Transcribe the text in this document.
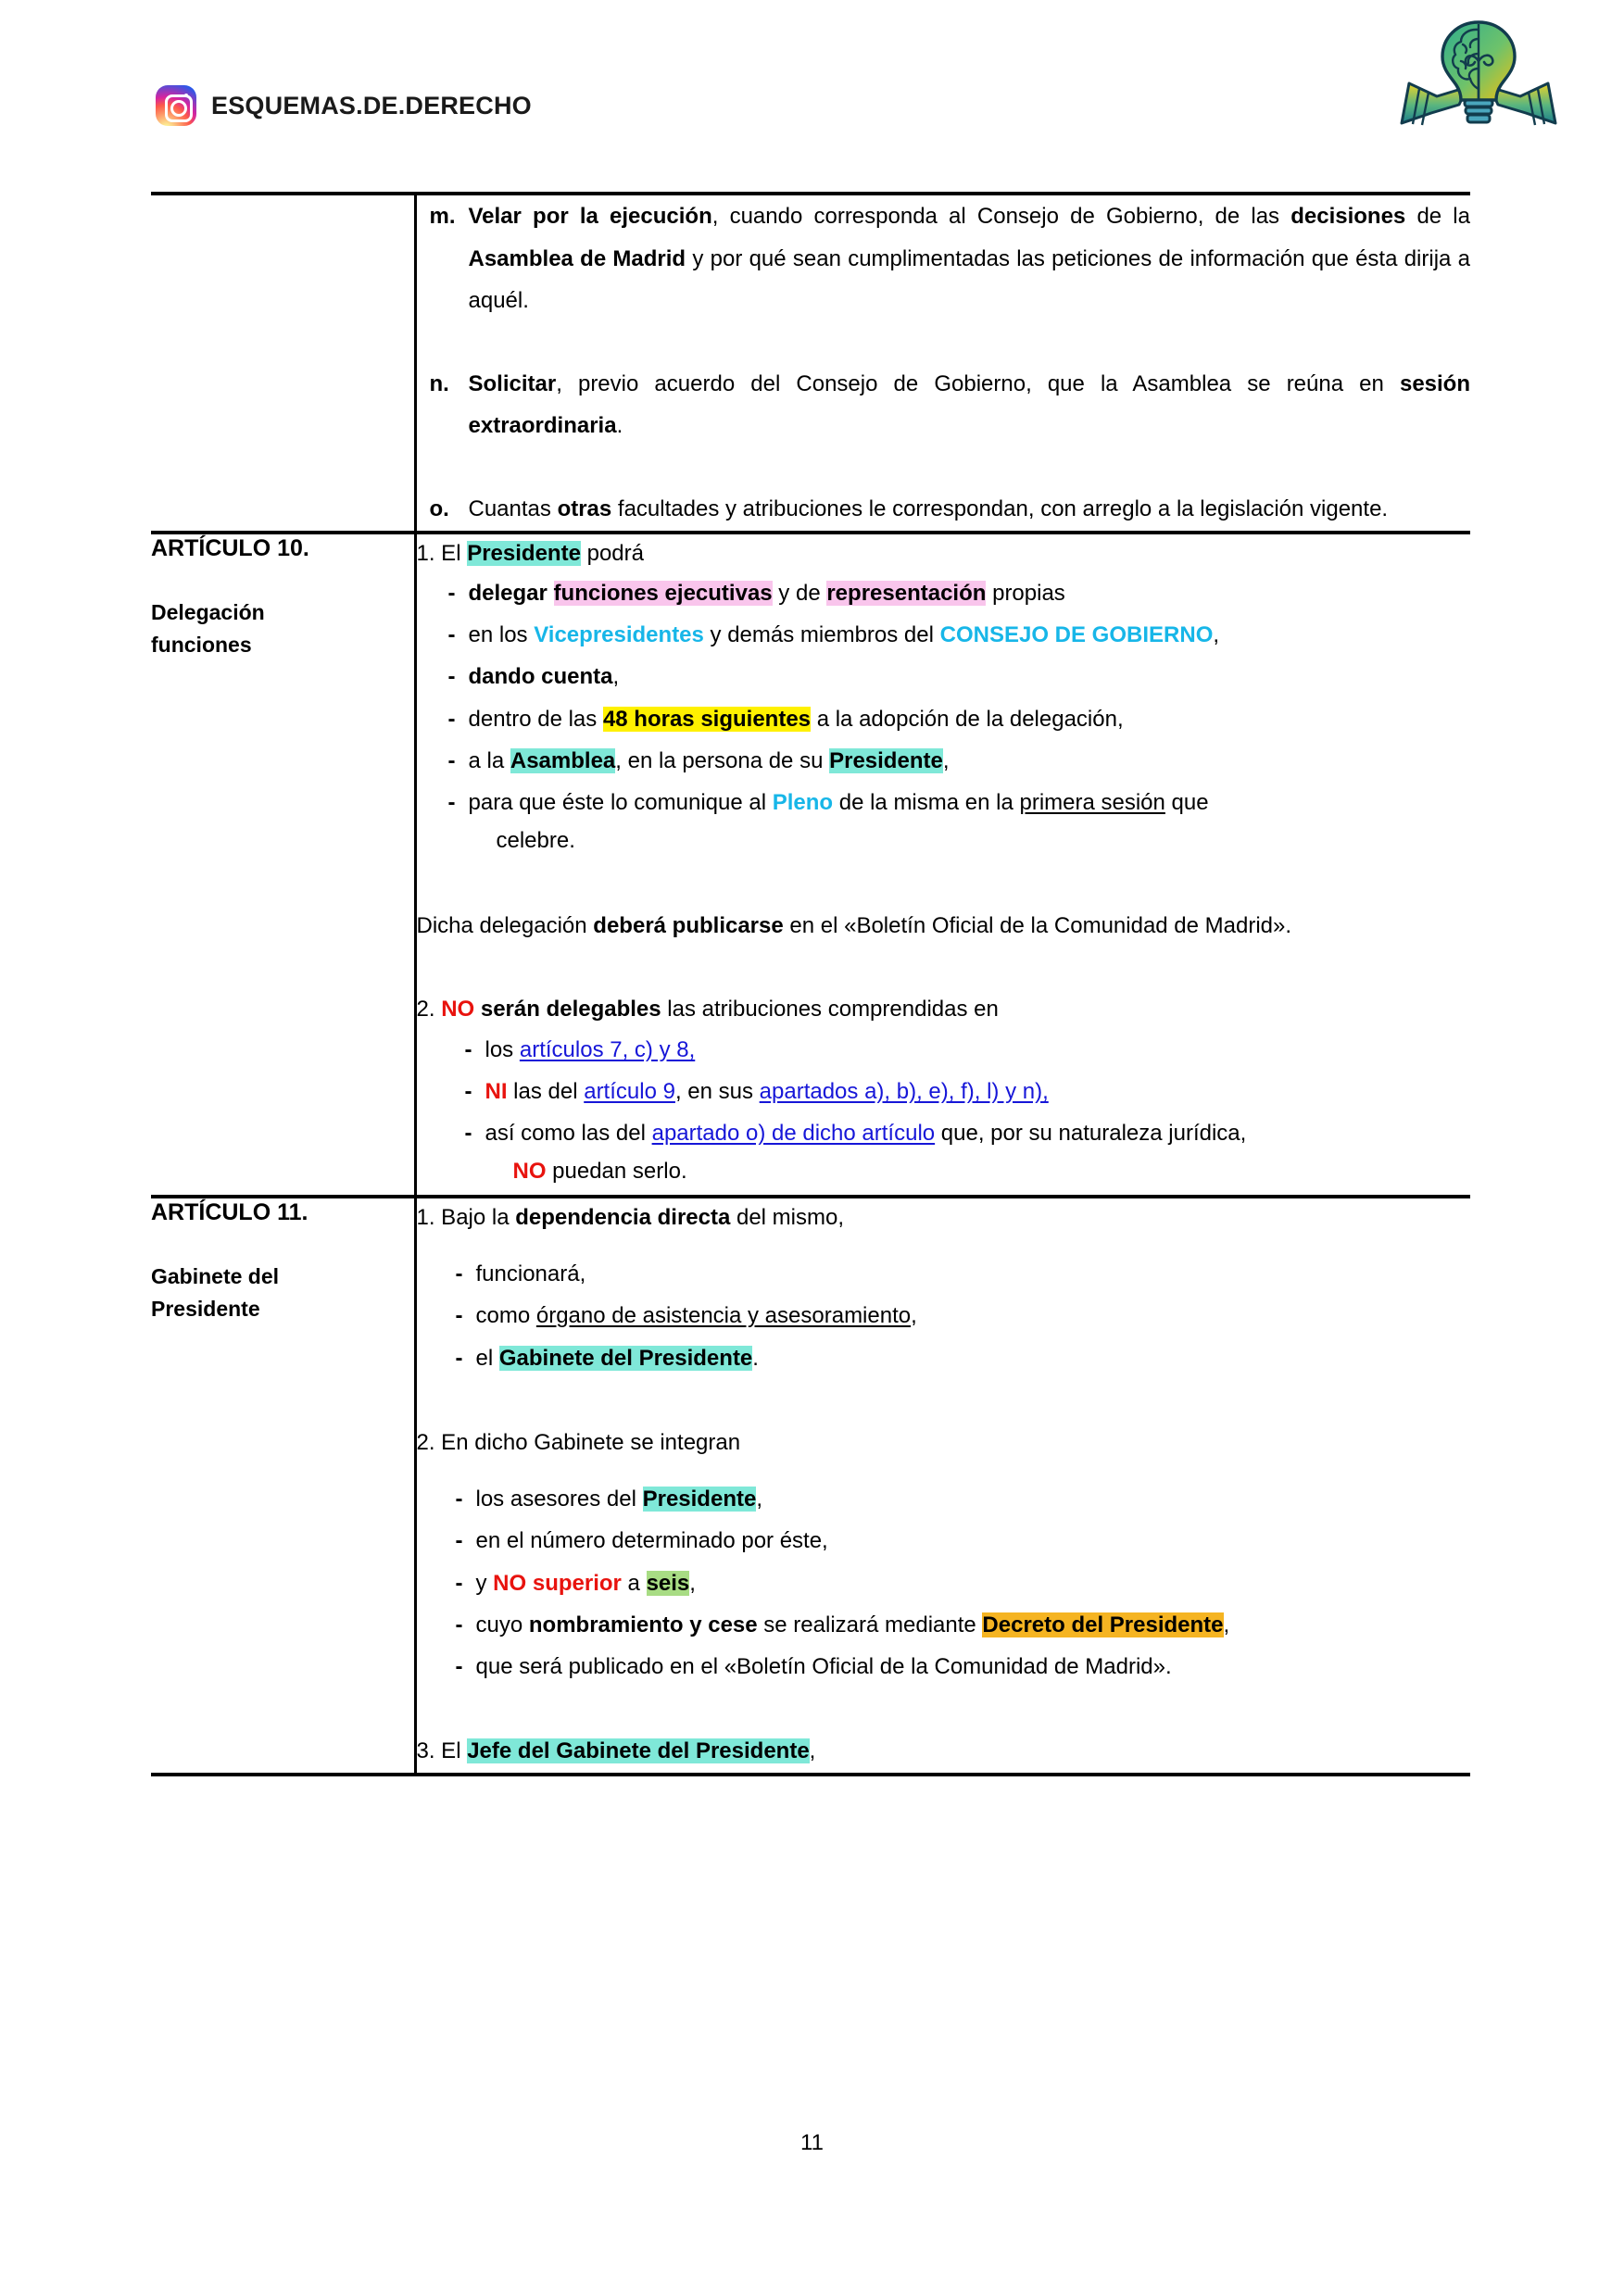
ESQUEMAS.DE.DERECHO

m. Velar por la ejecución, cuando corresponda al Consejo de Gobierno, de las decisiones de la Asamblea de Madrid y por qué sean cumplimentadas las peticiones de información que ésta dirija a aquél.
n. Solicitar, previo acuerdo del Consejo de Gobierno, que la Asamblea se reúna en sesión extraordinaria.
o. Cuantas otras facultades y atribuciones le correspondan, con arreglo a la legislación vigente.

ARTÍCULO 10.

Delegación
funciones

1. El Presidente podrá

- delegar funciones ejecutivas y de representación propias
- en los Vicepresidentes y demás miembros del CONSEJO DE GOBIERNO,
- dando cuenta,
- dentro de las 48 horas siguientes a la adopción de la delegación,
- a la Asamblea, en la persona de su Presidente,
- para que éste lo comunique al Pleno de la misma en la primera sesión que
celebre.

Dicha delegación deberá publicarse en el «Boletín Oficial de la Comunidad de Madrid».

2. NO serán delegables las atribuciones comprendidas en

- los artículos 7, c) y 8,
- NI las del artículo 9, en sus apartados a), b), e), f), l) y n),
- así como las del apartado o) de dicho artículo que, por su naturaleza jurídica,
NO puedan serlo.

ARTÍCULO 11.

Gabinete del
Presidente

1. Bajo la dependencia directa del mismo,

- funcionará,
- como órgano de asistencia y asesoramiento,
- el Gabinete del Presidente.

2. En dicho Gabinete se integran

- los asesores del Presidente,
- en el número determinado por éste,
- y NO superior a seis,
- cuyo nombramiento y cese se realizará mediante Decreto del Presidente,
- que será publicado en el «Boletín Oficial de la Comunidad de Madrid».

3. El Jefe del Gabinete del Presidente,

11
